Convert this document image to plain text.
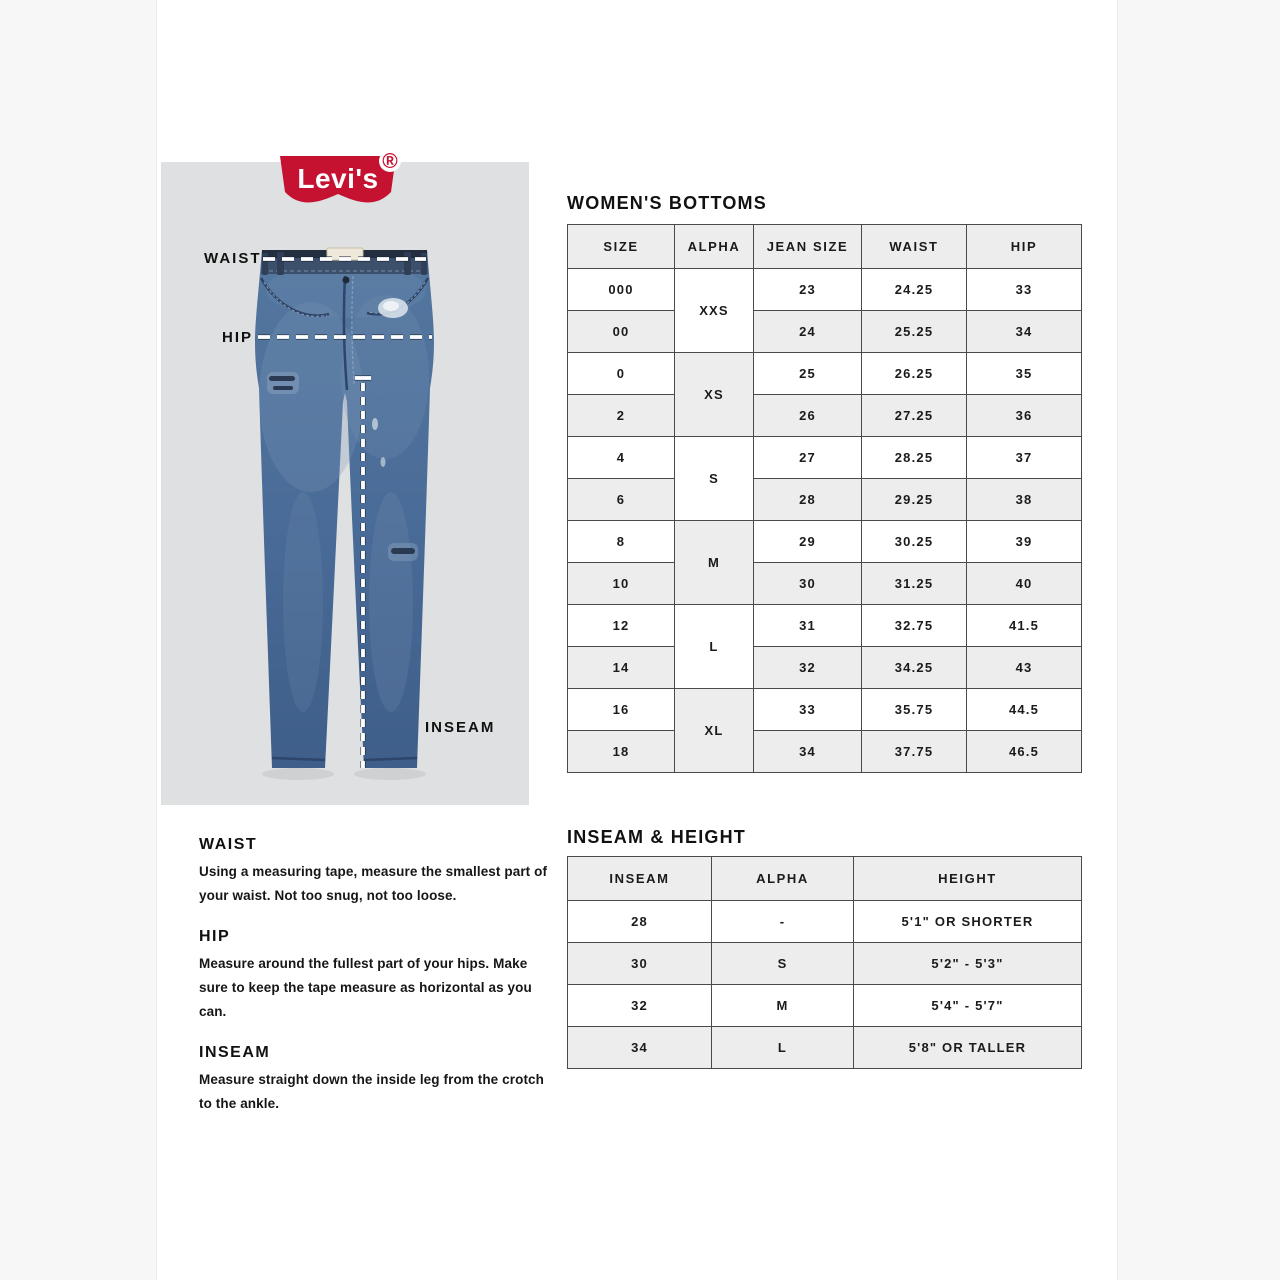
WAIST
HIP
INSEAM
Levi's
®
WOMEN'S BOTTOMS
SIZE	ALPHA	JEAN SIZE	WAIST	HIP
000	XXS	23	24.25	33
00		24	25.25	34
0	XS	25	26.25	35
2		26	27.25	36
4	S	27	28.25	37
6		28	29.25	38
8	M	29	30.25	39
10		30	31.25	40
12	L	31	32.75	41.5
14		32	34.25	43
16	XL	33	35.75	44.5
18		34	37.75	46.5
INSEAM & HEIGHT
INSEAM	ALPHA	HEIGHT
28	-	5'1" OR SHORTER
30	S	5'2" - 5'3"
32	M	5'4" - 5'7"
34	L	5'8" OR TALLER
WAIST
Using a measuring tape, measure the smallest part of your waist. Not too snug, not too loose.
HIP
Measure around the fullest part of your hips. Make sure to keep the tape measure as horizontal as you can.
INSEAM
Measure straight down the inside leg from the crotch to the ankle.
